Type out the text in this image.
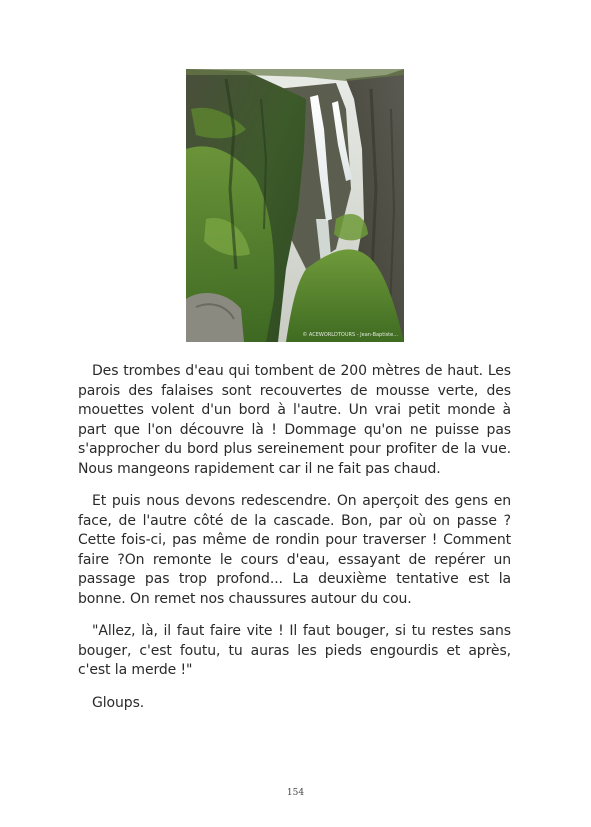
© ACEWORLDTOURS - Jean-Baptiste...

Des trombes d'eau qui tombent de 200 mètres de haut. Les parois des falaises sont recouvertes de mousse verte, des mouettes volent d'un bord à l'autre. Un vrai petit monde à part que l'on découvre là ! Dommage qu'on ne puisse pas s'approcher du bord plus sereinement pour profiter de la vue. Nous mangeons rapidement car il ne fait pas chaud.

Et puis nous devons redescendre. On aperçoit des gens en face, de l'autre côté de la cascade. Bon, par où on passe ? Cette fois-ci, pas même de rondin pour traverser ! Comment faire ?On remonte le cours d'eau, essayant de repérer un passage pas trop profond... La deuxième tentative est la bonne. On remet nos chaussures autour du cou.

"Allez, là, il faut faire vite ! Il faut bouger, si tu restes sans bouger, c'est foutu, tu auras les pieds engourdis et après, c'est la merde !"

Gloups.

154
